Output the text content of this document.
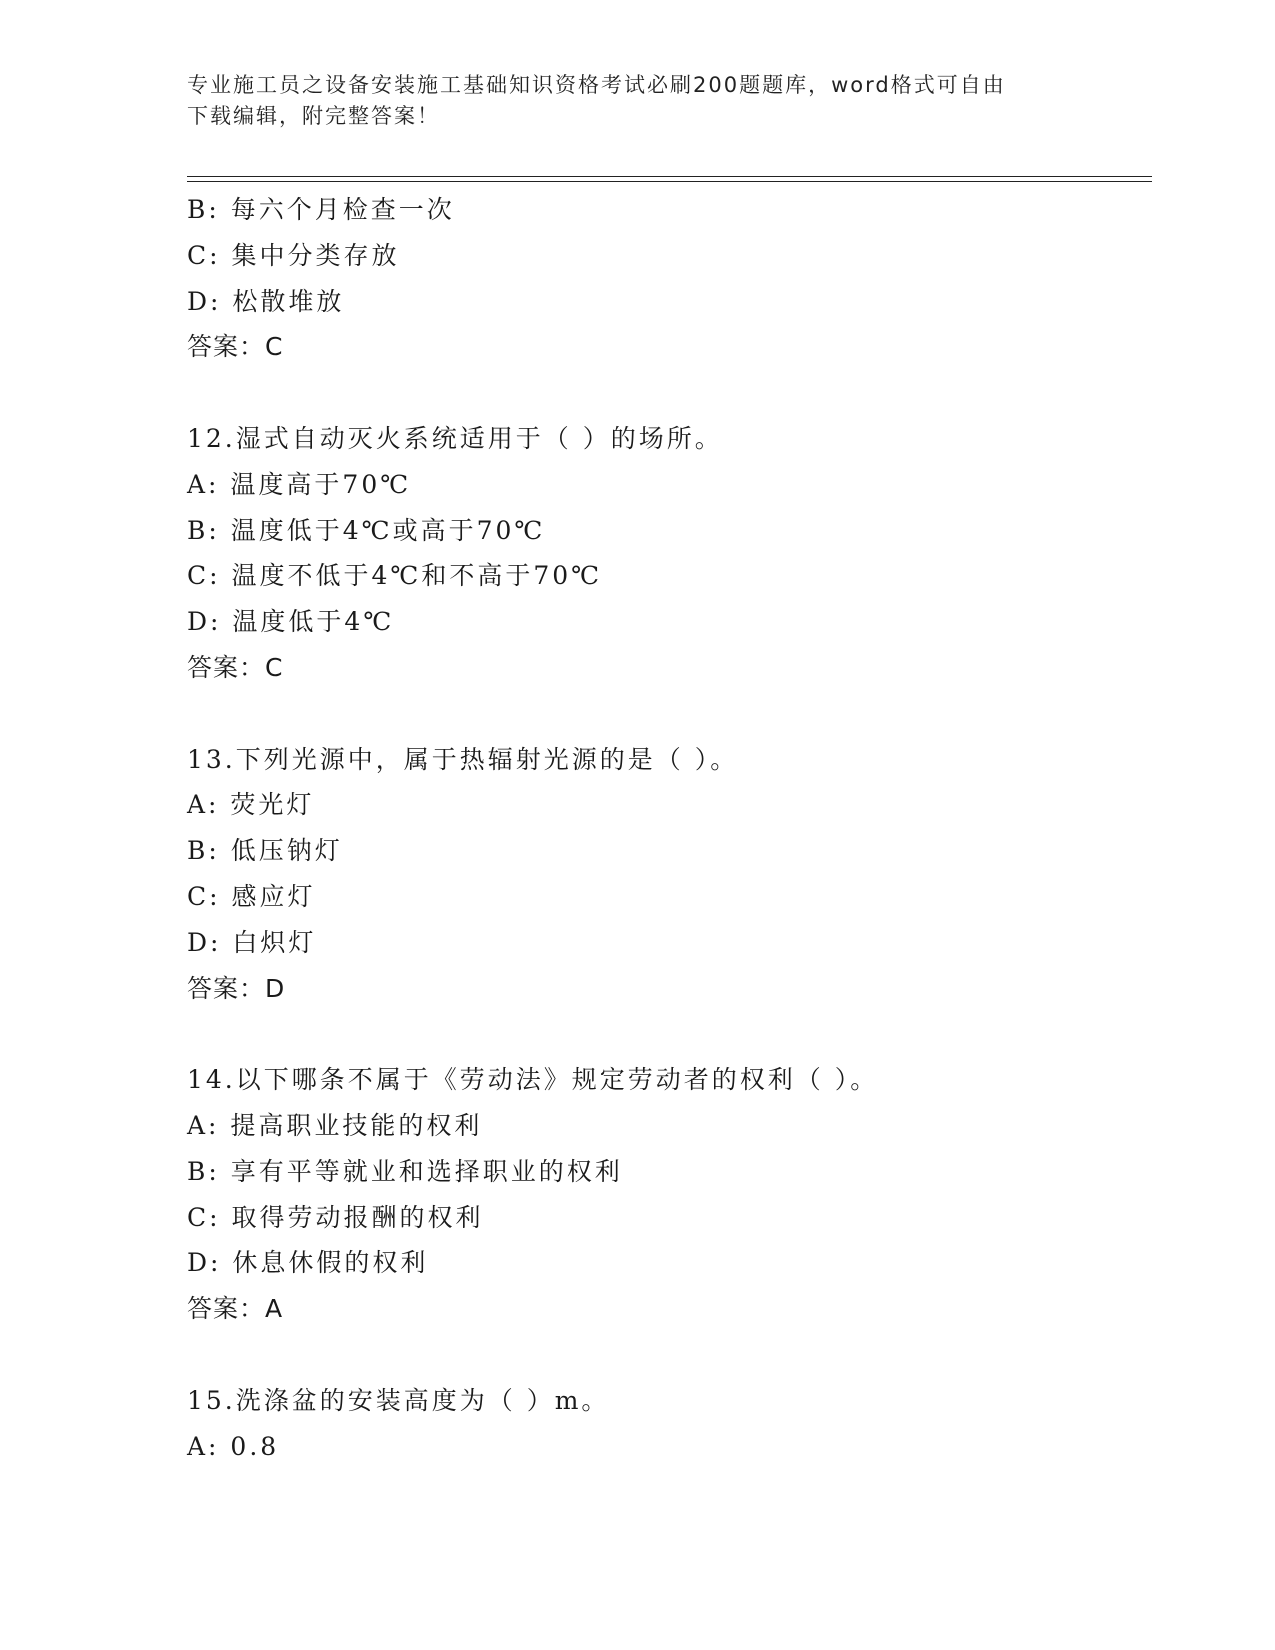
专业施工员之设备安装施工基础知识资格考试必刷200题题库，word格式可自由
下载编辑，附完整答案！
B: 每六个月检查一次
C: 集中分类存放
D: 松散堆放
答案：C
12.湿式自动灭火系统适用于（ ）的场所。
A: 温度高于70℃
B: 温度低于4℃或高于70℃
C: 温度不低于4℃和不高于70℃
D: 温度低于4℃
答案：C
13.下列光源中，属于热辐射光源的是（ ）。
A: 荧光灯
B: 低压钠灯
C: 感应灯
D: 白炽灯
答案：D
14.以下哪条不属于《劳动法》规定劳动者的权利（ ）。
A: 提高职业技能的权利
B: 享有平等就业和选择职业的权利
C: 取得劳动报酬的权利
D: 休息休假的权利
答案：A
15.洗涤盆的安装高度为（ ）m。
A: 0.8
